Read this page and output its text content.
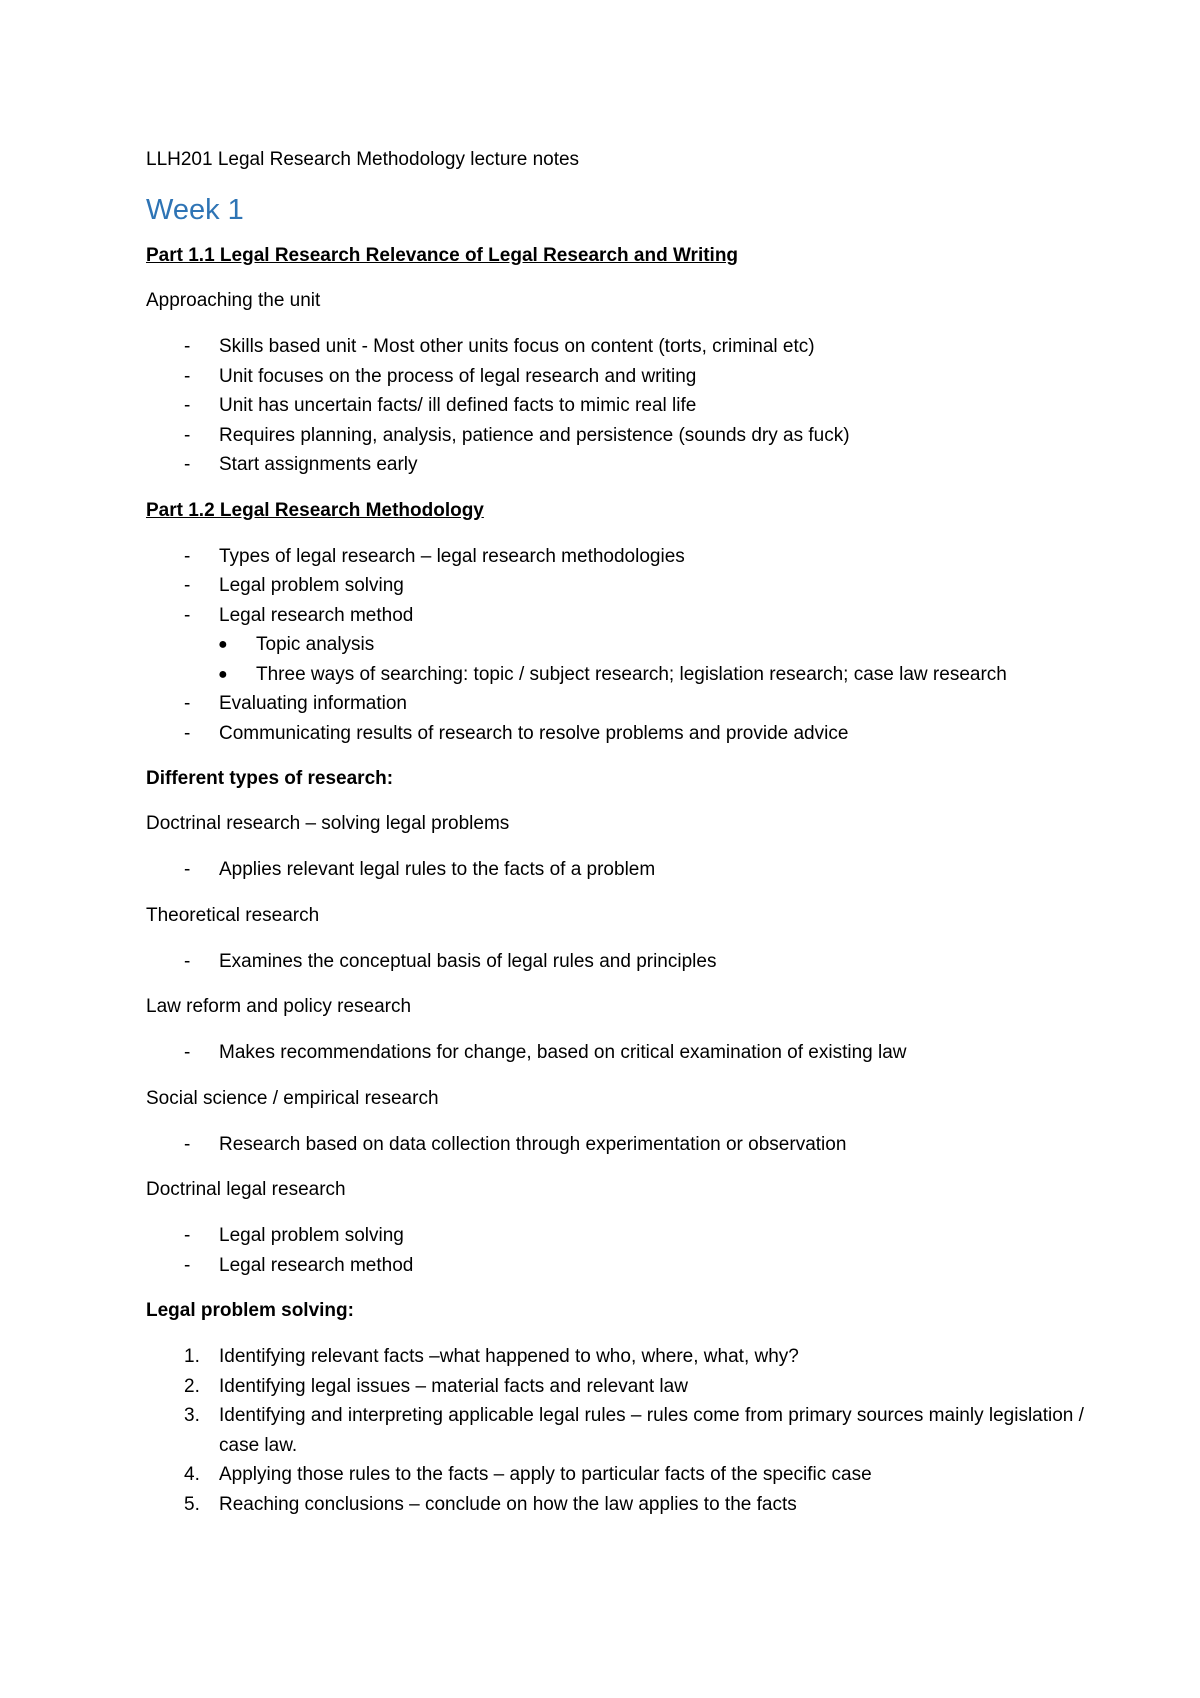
LLH201 Legal Research Methodology lecture notes

Week 1

Part 1.1 Legal Research Relevance of Legal Research and Writing

Approaching the unit

- Skills based unit - Most other units focus on content (torts, criminal etc)
- Unit focuses on the process of legal research and writing
- Unit has uncertain facts/ ill defined facts to mimic real life
- Requires planning, analysis, patience and persistence (sounds dry as fuck)
- Start assignments early

Part 1.2 Legal Research Methodology

- Types of legal research – legal research methodologies
- Legal problem solving
- Legal research method
● Topic analysis
● Three ways of searching: topic / subject research; legislation research; case law research
- Evaluating information
- Communicating results of research to resolve problems and provide advice

Different types of research:

Doctrinal research – solving legal problems

- Applies relevant legal rules to the facts of a problem

Theoretical research

- Examines the conceptual basis of legal rules and principles

Law reform and policy research

- Makes recommendations for change, based on critical examination of existing law

Social science / empirical research

- Research based on data collection through experimentation or observation

Doctrinal legal research

- Legal problem solving
- Legal research method

Legal problem solving:

1. Identifying relevant facts –what happened to who, where, what, why?
2. Identifying legal issues – material facts and relevant law
3. Identifying and interpreting applicable legal rules – rules come from primary sources mainly legislation / case law.
4. Applying those rules to the facts – apply to particular facts of the specific case
5. Reaching conclusions – conclude on how the law applies to the facts
